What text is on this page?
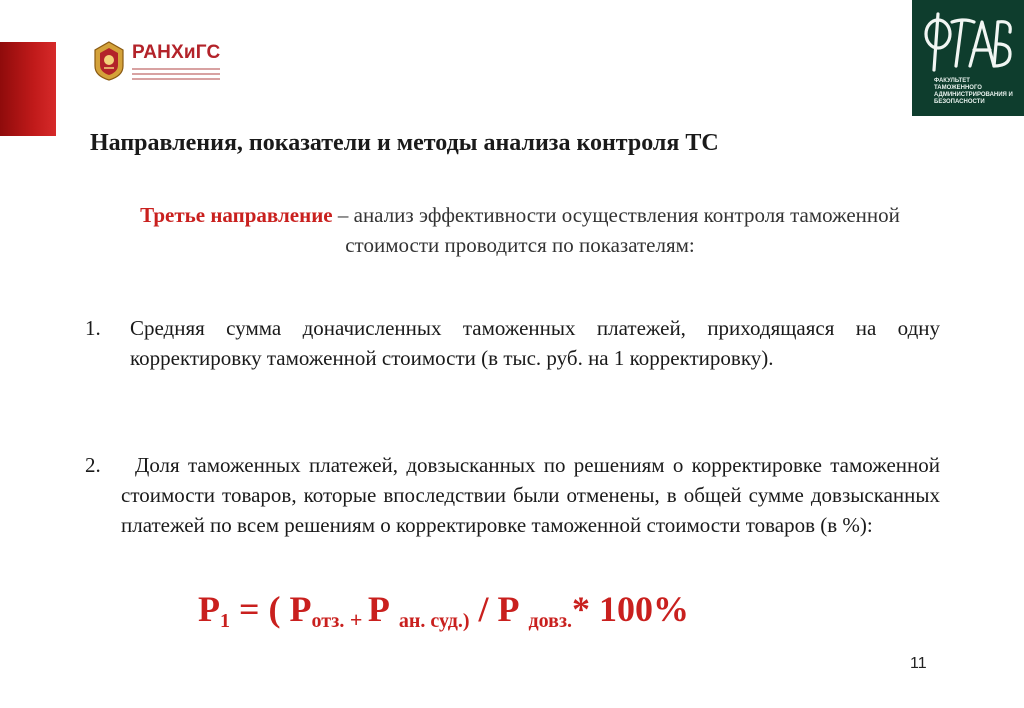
РАНХиГС
ФАКУЛЬТЕТ ТАМОЖЕННОГО АДМИНИСТРИРОВАНИЯ И БЕЗОПАСНОСТИ
Направления, показатели и методы анализа контроля ТС
Третье направление – анализ эффективности осуществления контроля таможенной стоимости проводится по показателям:
1. Средняя сумма доначисленных таможенных платежей, приходящаяся на одну корректировку таможенной стоимости (в тыс. руб. на 1 корректировку).
2.	Доля таможенных платежей, довзысканных по решениям о корректировке таможенной стоимости товаров, которые впоследствии были отменены, в общей сумме довзысканных платежей по всем решениям о корректировке таможенной стоимости товаров (в %):
$Р_1$ = ( $Р_{отз.} + Р$ $_{ан. суд.)}$ / Р $_{довз.}$* 100%
11
